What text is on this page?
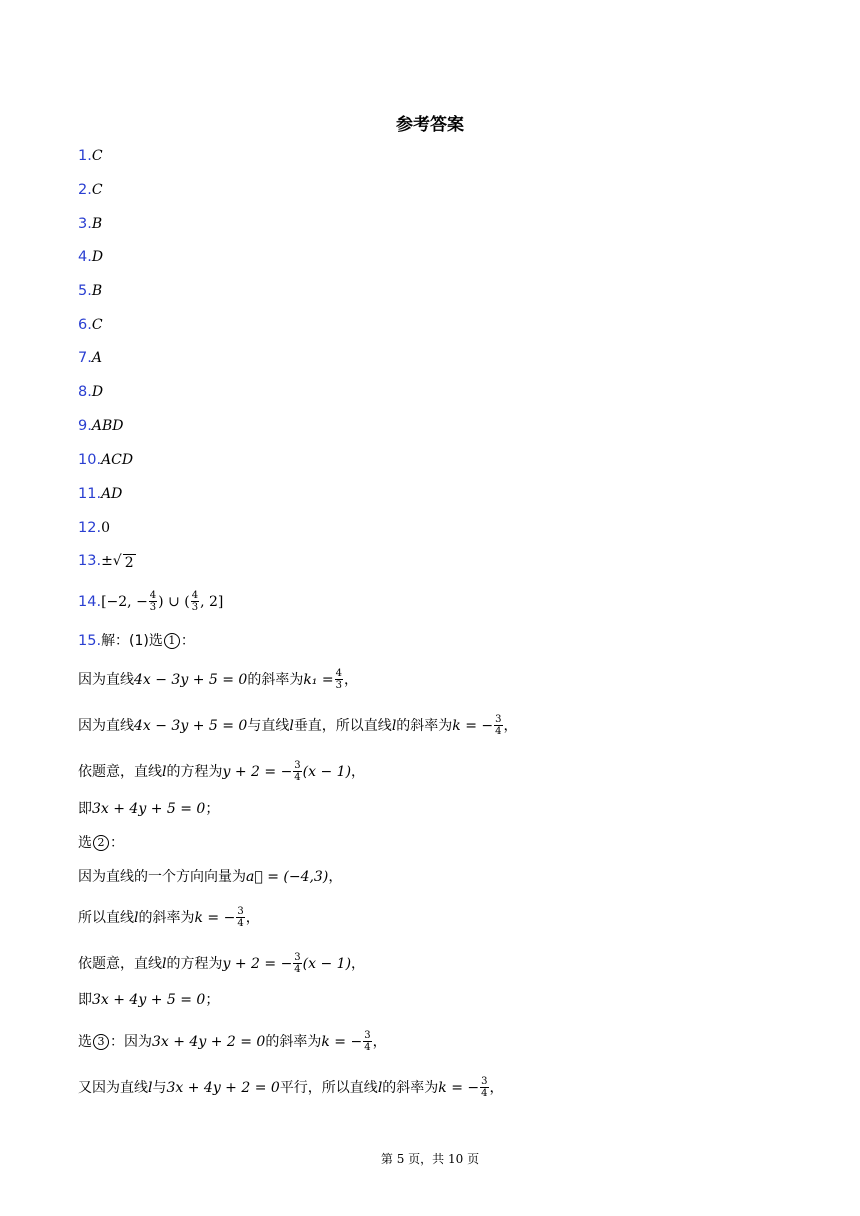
参考答案
1. C
2. C
3. B
4. D
5. B
6. C
7. A
8. D
9. ABD
10. ACD
11. AD
12. 0
13. ± √ 2
14. [−2, − $\frac{4}{3}$ ) ∪ ( $\frac{4}{3}$ , 2]
15. 解：(1)选 1 ：
因为直线 4x − 3y + 5 = 0 的斜率为 $k_1 = \frac{4}{3}$ ，
因为直线 4x − 3y + 5 = 0 与直线 l 垂直，所以直线 l 的斜率为 k = − $\frac{3}{4}$ ，
依题意，直线 l 的方程为 y + 2 = − $\frac{3}{4} (x - 1)$ ，
即 3x + 4y + 5 = 0 ；
选 2 ：
因为直线的一个方向向量为 a⃗ = (−4,3) ，
所以直线 l 的斜率为 k = − $\frac{3}{4}$ ，
依题意，直线 l 的方程为 y + 2 = − $\frac{3}{4} (x - 1)$ ，
即 3x + 4y + 5 = 0 ；
选 3 ：因为 3x + 4y + 2 = 0 的斜率为 k = − $\frac{3}{4}$ ，
又因为直线 l 与 3x + 4y + 2 = 0 平行，所以直线 l 的斜率为 k = − $\frac{3}{4}$ ，
第 5 页，共 10 页
